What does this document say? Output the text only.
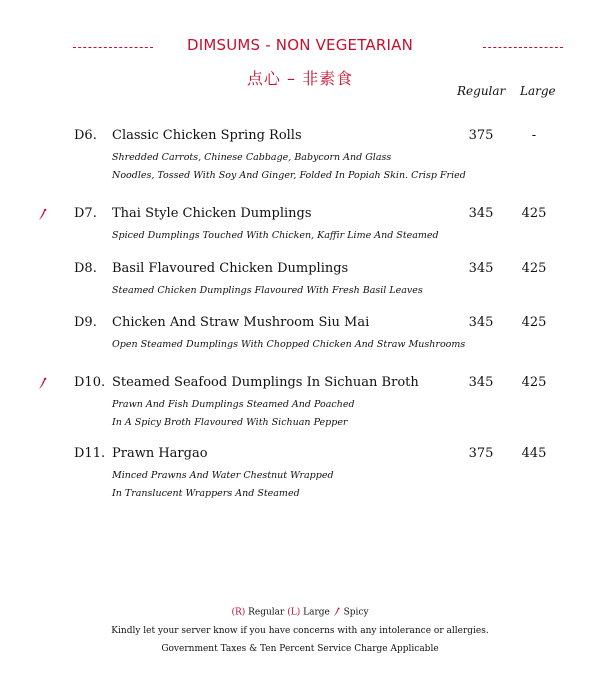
DIMSUMS - NON VEGETARIAN
点心 – 非素食
Regular Large
D6. Classic Chicken Spring Rolls	375	-
Shredded Carrots, Chinese Cabbage, Babycorn And Glass
Noodles, Tossed With Soy And Ginger, Folded In Popiah Skin. Crisp Fried
D7. Thai Style Chicken Dumplings	345	425
Spiced Dumplings Touched With Chicken, Kaffir Lime And Steamed
D8. Basil Flavoured Chicken Dumplings	345	425
Steamed Chicken Dumplings Flavoured With Fresh Basil Leaves
D9. Chicken And Straw Mushroom Siu Mai	345	425
Open Steamed Dumplings With Chopped Chicken And Straw Mushrooms
D10. Steamed Seafood Dumplings In Sichuan Broth	345	425
Prawn And Fish Dumplings Steamed And Poached
In A Spicy Broth Flavoured With Sichuan Pepper
D11. Prawn Hargao	375	445
Minced Prawns And Water Chestnut Wrapped
In Translucent Wrappers And Steamed
(R) Regular (L) Large Spicy
Kindly let your server know if you have concerns with any intolerance or allergies.
Government Taxes & Ten Percent Service Charge Applicable
